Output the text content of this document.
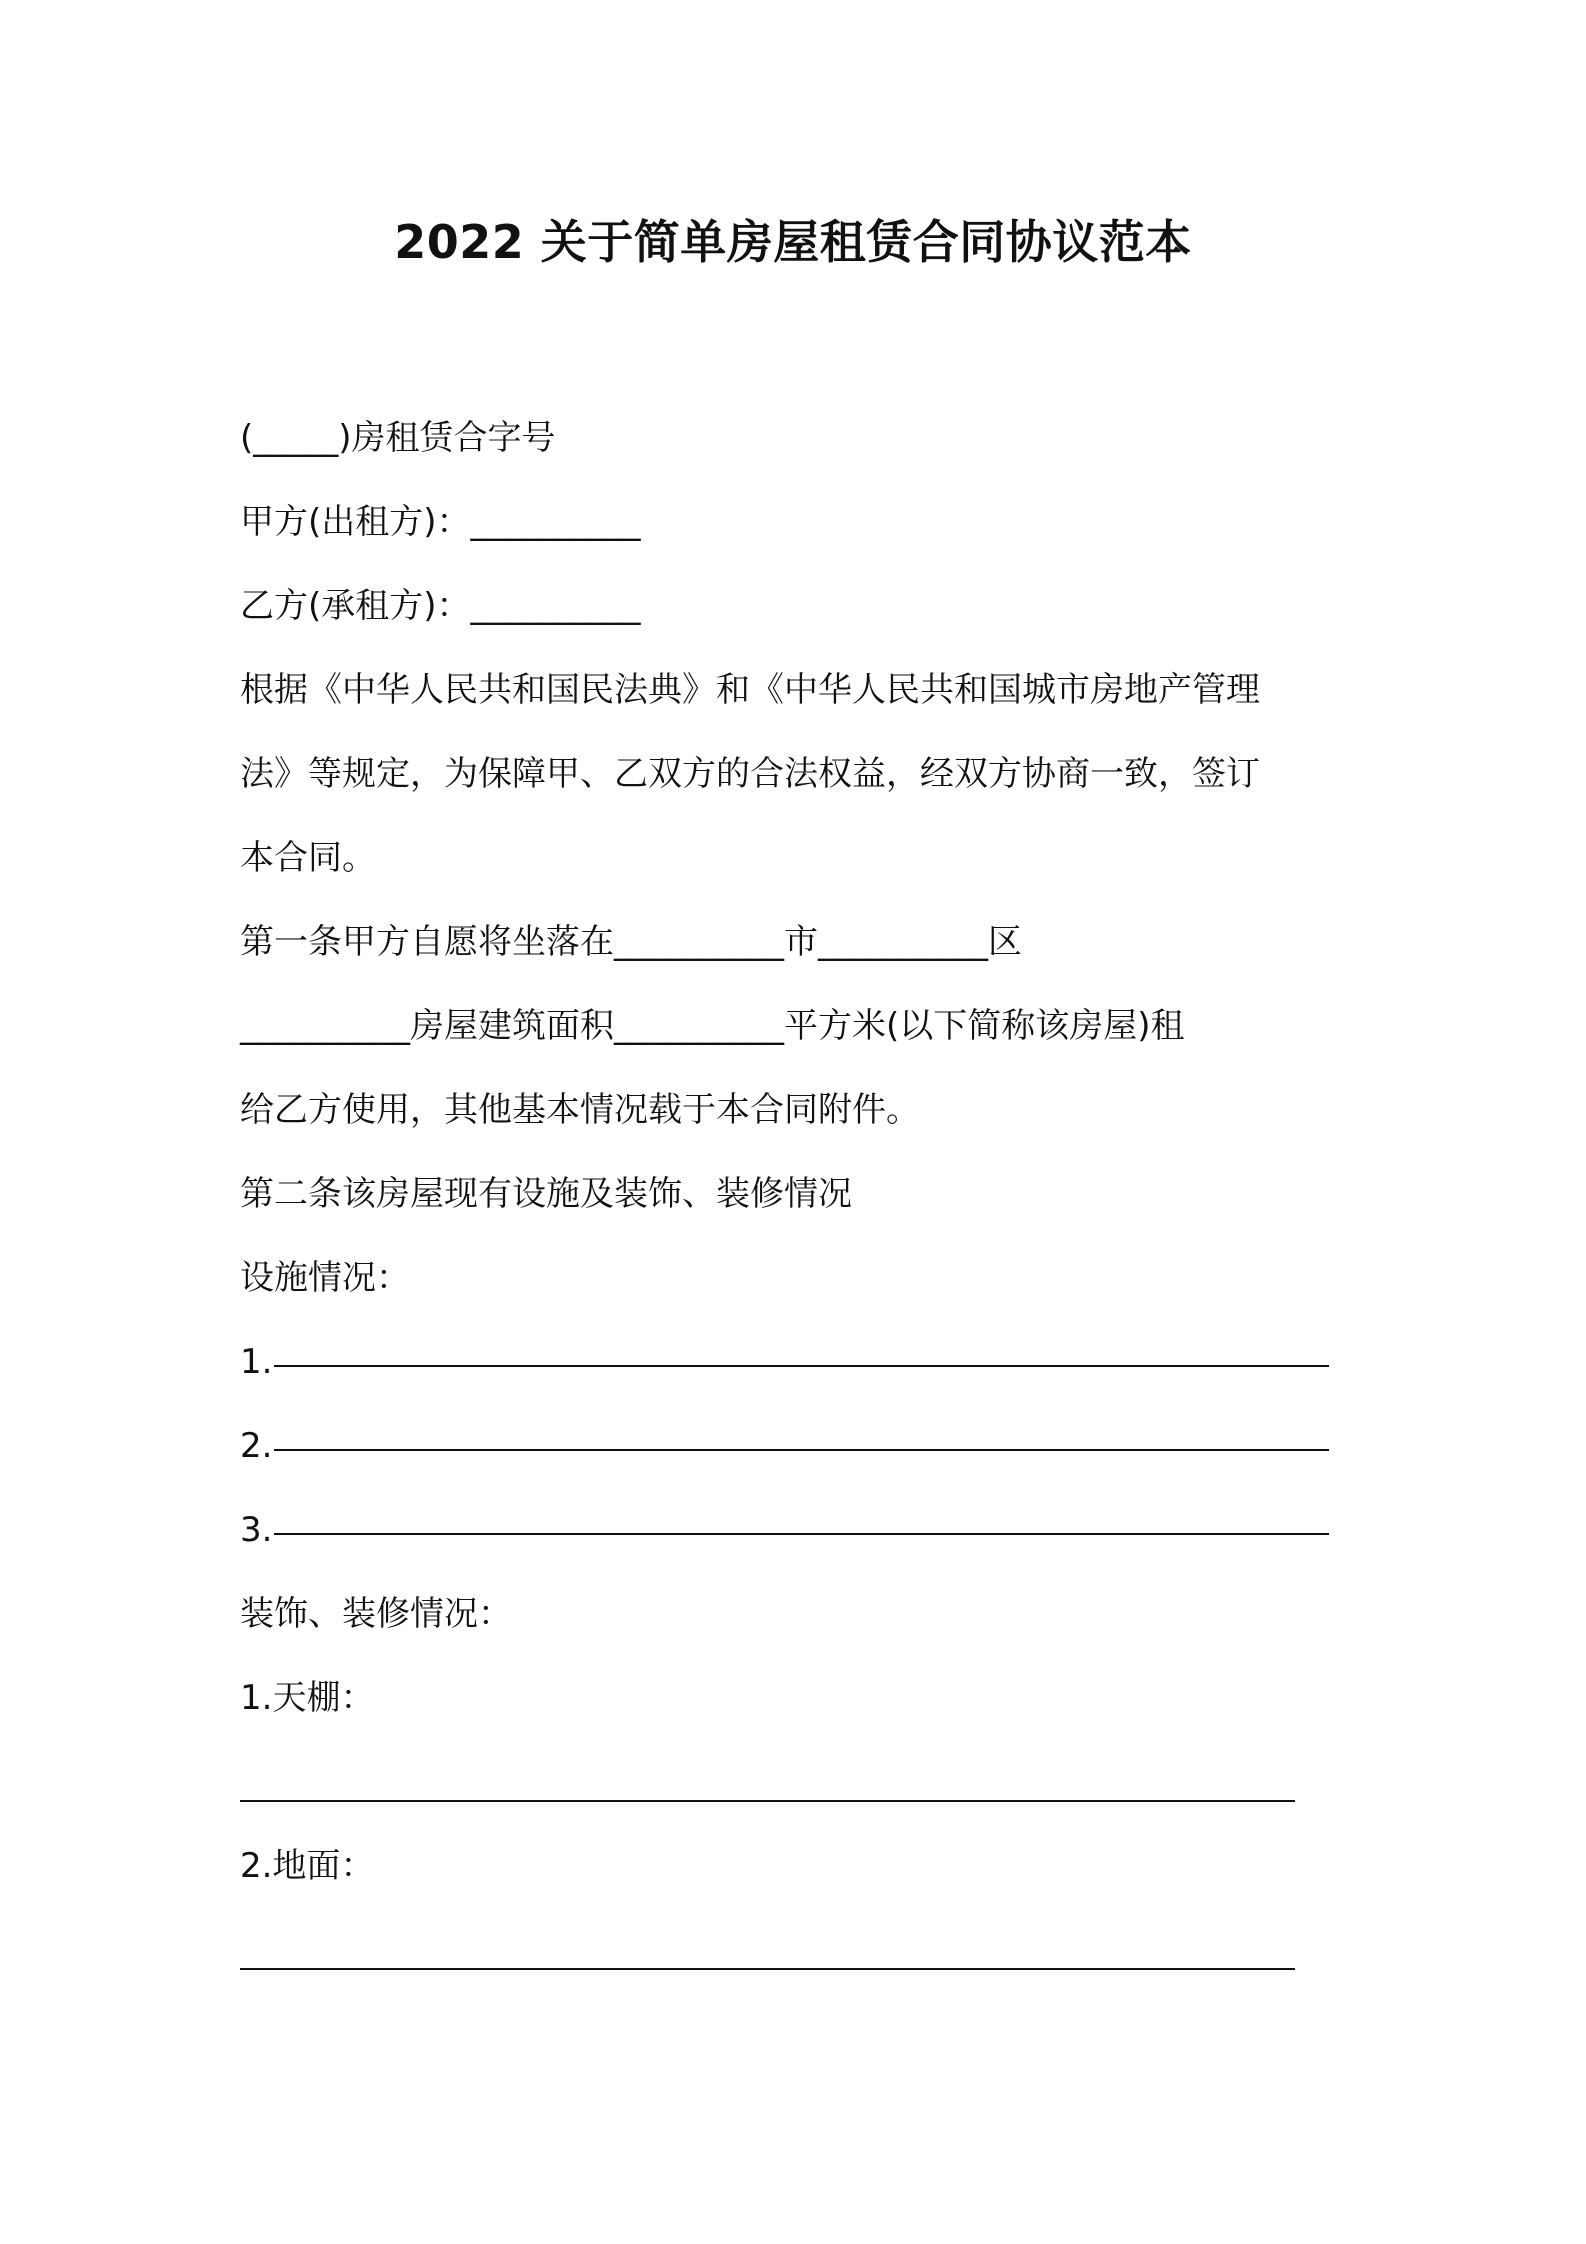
2022 关于简单房屋租赁合同协议范本
(_____)房租赁合字号
甲方(出租方)：__________
乙方(承租方)：__________
根据《中华人民共和国民法典》和《中华人民共和国城市房地产管理
法》等规定，为保障甲、乙双方的合法权益，经双方协商一致，签订
本合同。
第一条甲方自愿将坐落在__________市__________区
__________房屋建筑面积__________平方米(以下简称该房屋)租
给乙方使用，其他基本情况载于本合同附件。
第二条该房屋现有设施及装饰、装修情况
设施情况：
1.
2.
3.
装饰、装修情况：
1.天棚：
2.地面：
